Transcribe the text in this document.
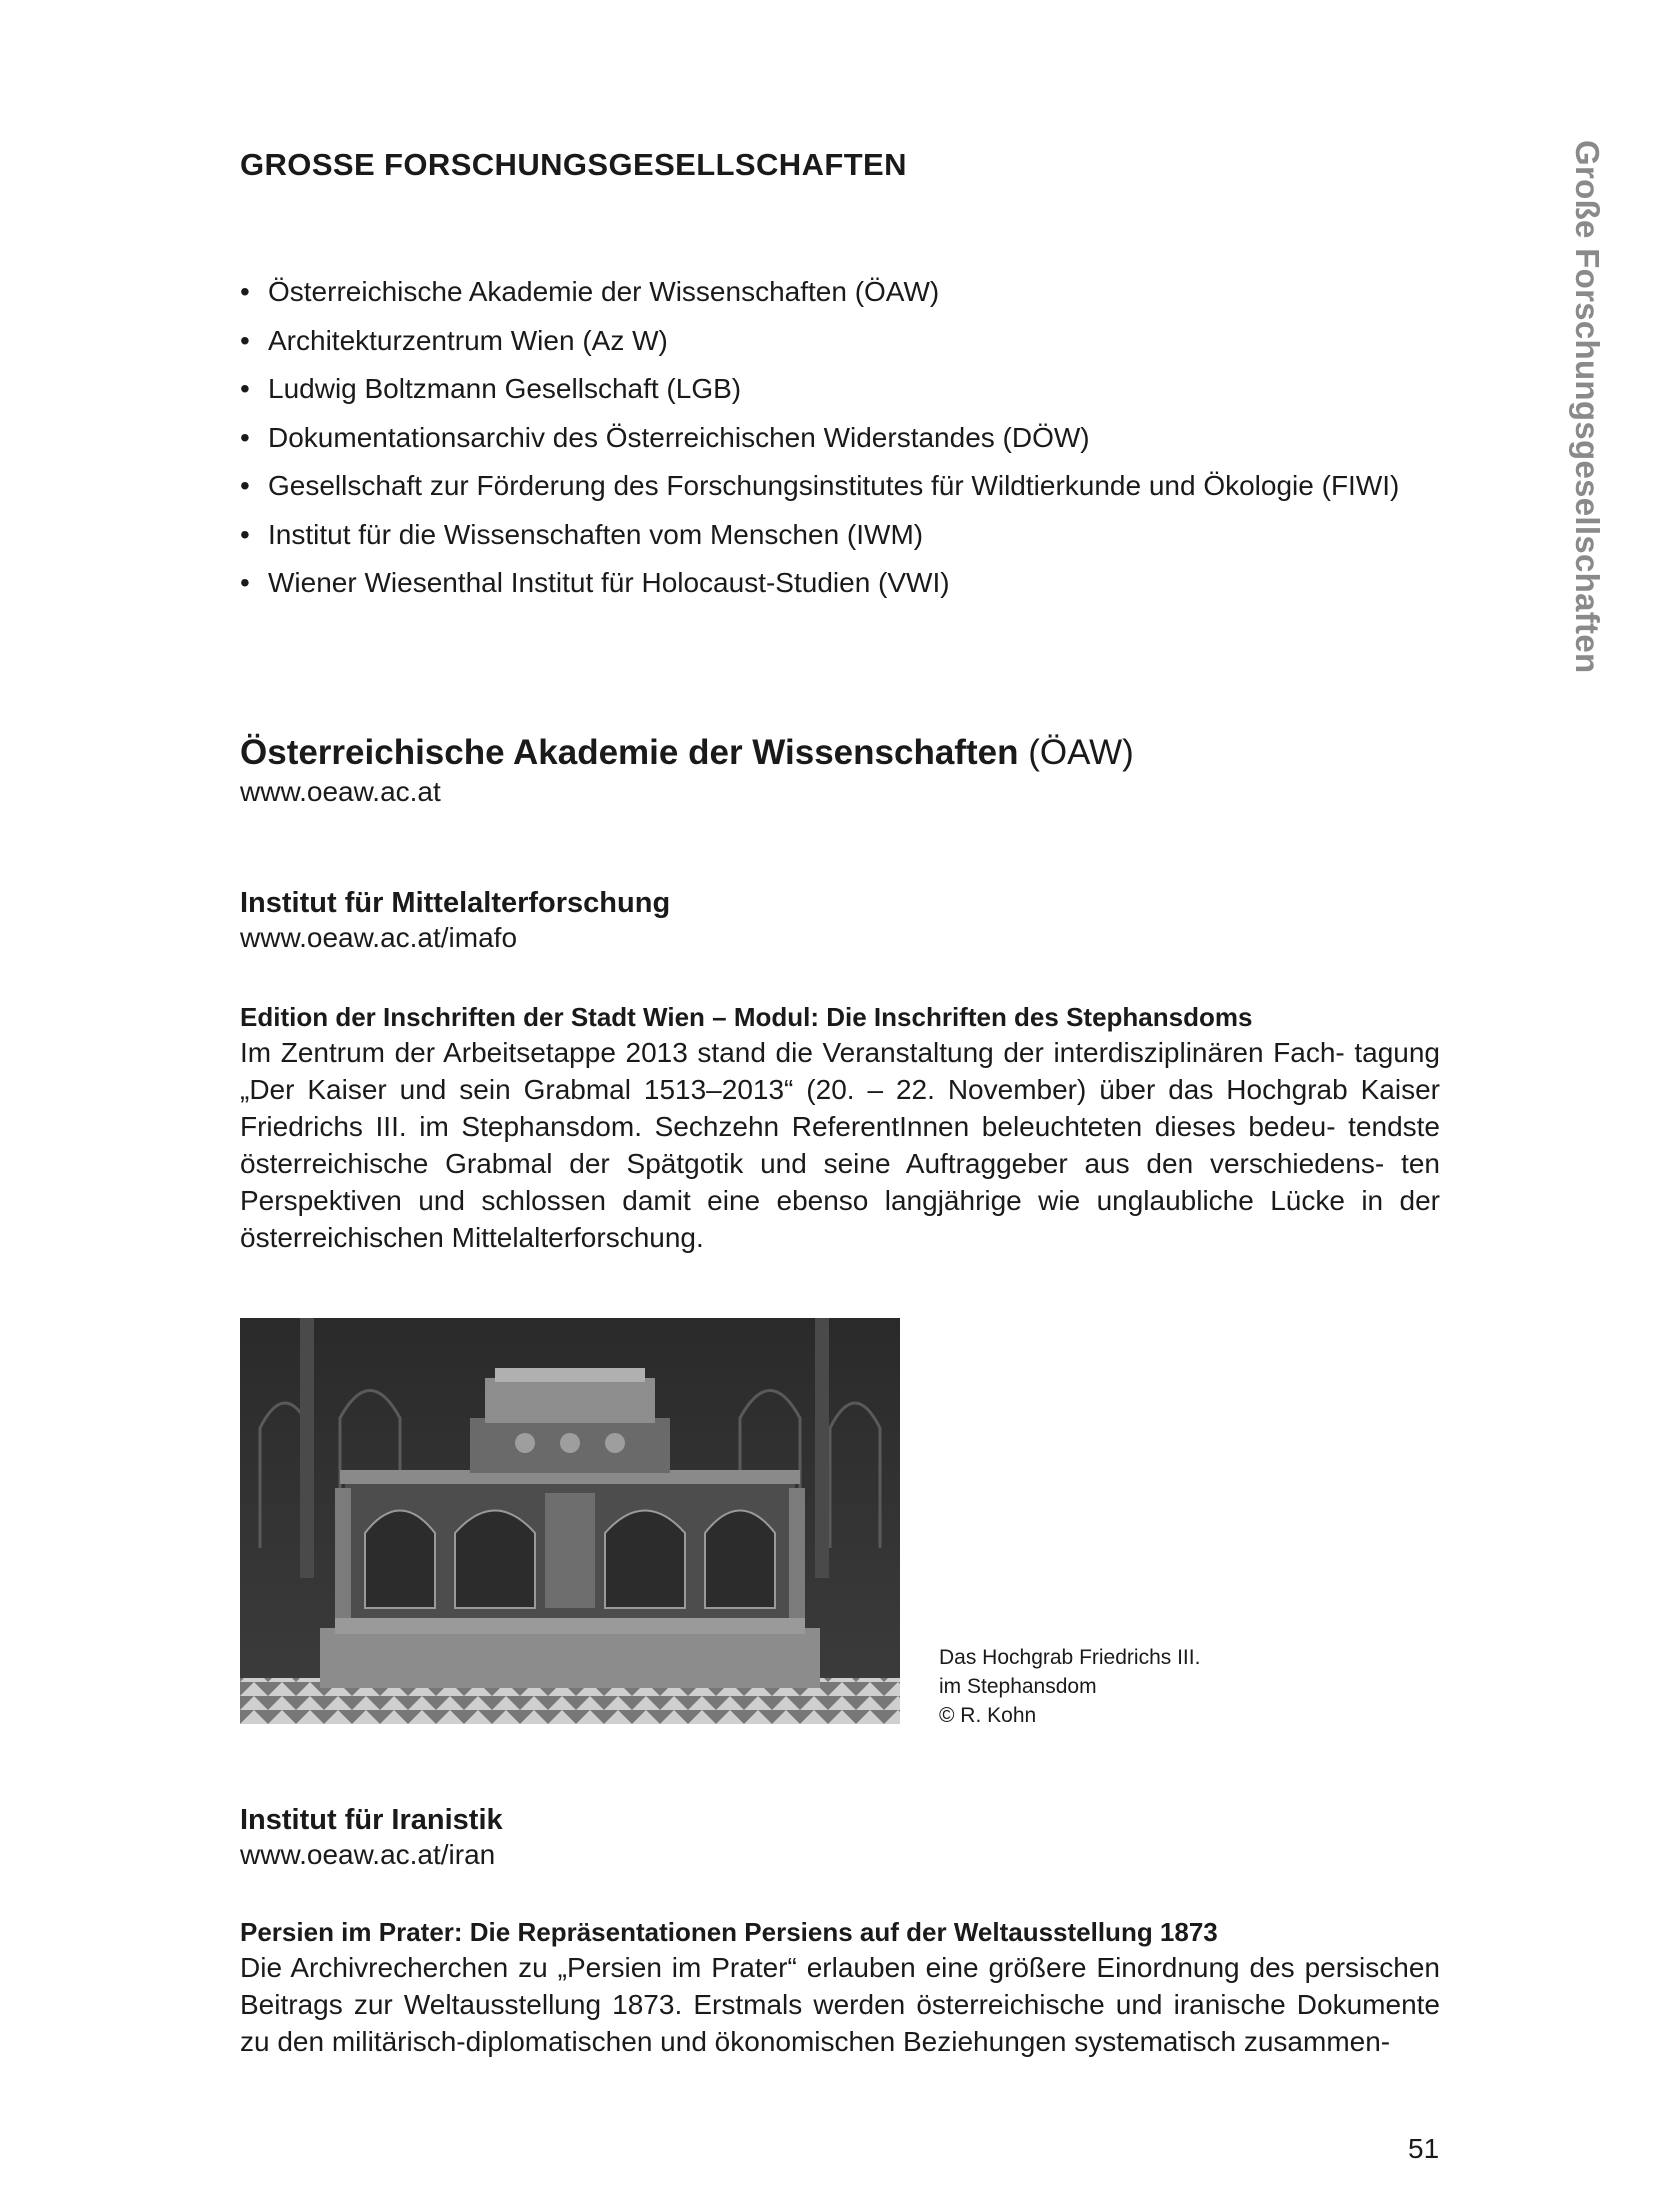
Große Forschungsgesellschaften
GROSSE FORSCHUNGSGESELLSCHAFTEN
• Österreichische Akademie der Wissenschaften (ÖAW)
• Architekturzentrum Wien (Az W)
• Ludwig Boltzmann Gesellschaft (LGB)
• Dokumentationsarchiv des Österreichischen Widerstandes (DÖW)
• Gesellschaft zur Förderung des Forschungsinstitutes für Wildtierkunde und Ökologie (FIWI)
• Institut für die Wissenschaften vom Menschen (IWM)
• Wiener Wiesenthal Institut für Holocaust-Studien (VWI)
Österreichische Akademie der Wissenschaften (ÖAW)

www.oeaw.ac.at

Institut für Mittelalterforschung

www.oeaw.ac.at/imafo

Edition der Inschriften der Stadt Wien – Modul: Die Inschriften des Stephansdoms

Im Zentrum der Arbeitsetappe 2013 stand die Veranstaltung der interdisziplinären Fach- tagung „Der Kaiser und sein Grabmal 1513–2013“ (20. – 22. November) über das Hochgrab Kaiser Friedrichs III. im Stephansdom. Sechzehn ReferentInnen beleuchteten dieses bedeu- tendste österreichische Grabmal der Spätgotik und seine Auftraggeber aus den verschiedens- ten Perspektiven und schlossen damit eine ebenso langjährige wie unglaubliche Lücke in der österreichischen Mittelalterforschung.

Das Hochgrab Friedrichs III.
im Stephansdom
© R. Kohn

Institut für Iranistik

www.oeaw.ac.at/iran

Persien im Prater: Die Repräsentationen Persiens auf der Weltausstellung 1873

Die Archivrecherchen zu „Persien im Prater“ erlauben eine größere Einordnung des persischen Beitrags zur Weltausstellung 1873. Erstmals werden österreichische und iranische Dokumente zu den militärisch-diplomatischen und ökonomischen Beziehungen systematisch zusammen-

51
